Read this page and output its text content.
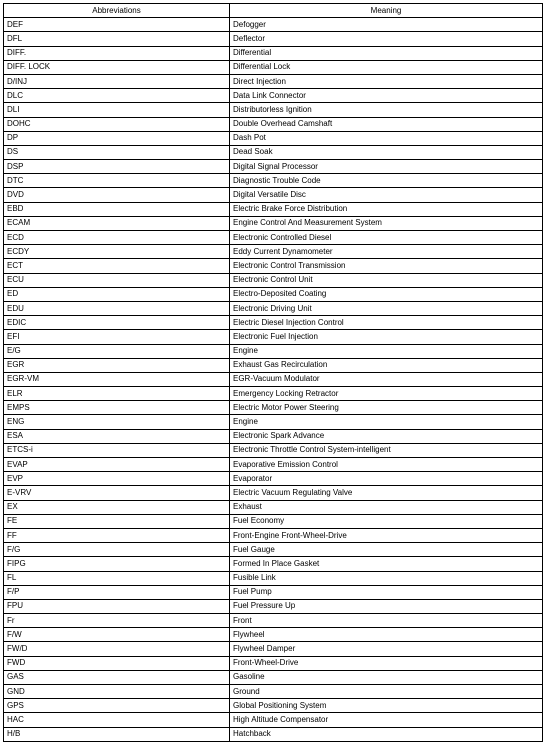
Abbreviations	Meaning
DEF	Defogger
DFL	Deflector
DIFF.	Differential
DIFF. LOCK	Differential Lock
D/INJ	Direct Injection
DLC	Data Link Connector
DLI	Distributorless Ignition
DOHC	Double Overhead Camshaft
DP	Dash Pot
DS	Dead Soak
DSP	Digital Signal Processor
DTC	Diagnostic Trouble Code
DVD	Digital Versatile Disc
EBD	Electric Brake Force Distribution
ECAM	Engine Control And Measurement System
ECD	Electronic Controlled Diesel
ECDY	Eddy Current Dynamometer
ECT	Electronic Control Transmission
ECU	Electronic Control Unit
ED	Electro-Deposited Coating
EDU	Electronic Driving Unit
EDIC	Electric Diesel Injection Control
EFI	Electronic Fuel Injection
E/G	Engine
EGR	Exhaust Gas Recirculation
EGR-VM	EGR-Vacuum Modulator
ELR	Emergency Locking Retractor
EMPS	Electric Motor Power Steering
ENG	Engine
ESA	Electronic Spark Advance
ETCS-i	Electronic Throttle Control System-intelligent
EVAP	Evaporative Emission Control
EVP	Evaporator
E-VRV	Electric Vacuum Regulating Valve
EX	Exhaust
FE	Fuel Economy
FF	Front-Engine Front-Wheel-Drive
F/G	Fuel Gauge
FIPG	Formed In Place Gasket
FL	Fusible Link
F/P	Fuel Pump
FPU	Fuel Pressure Up
Fr	Front
F/W	Flywheel
FW/D	Flywheel Damper
FWD	Front-Wheel-Drive
GAS	Gasoline
GND	Ground
GPS	Global Positioning System
HAC	High Altitude Compensator
H/B	Hatchback
